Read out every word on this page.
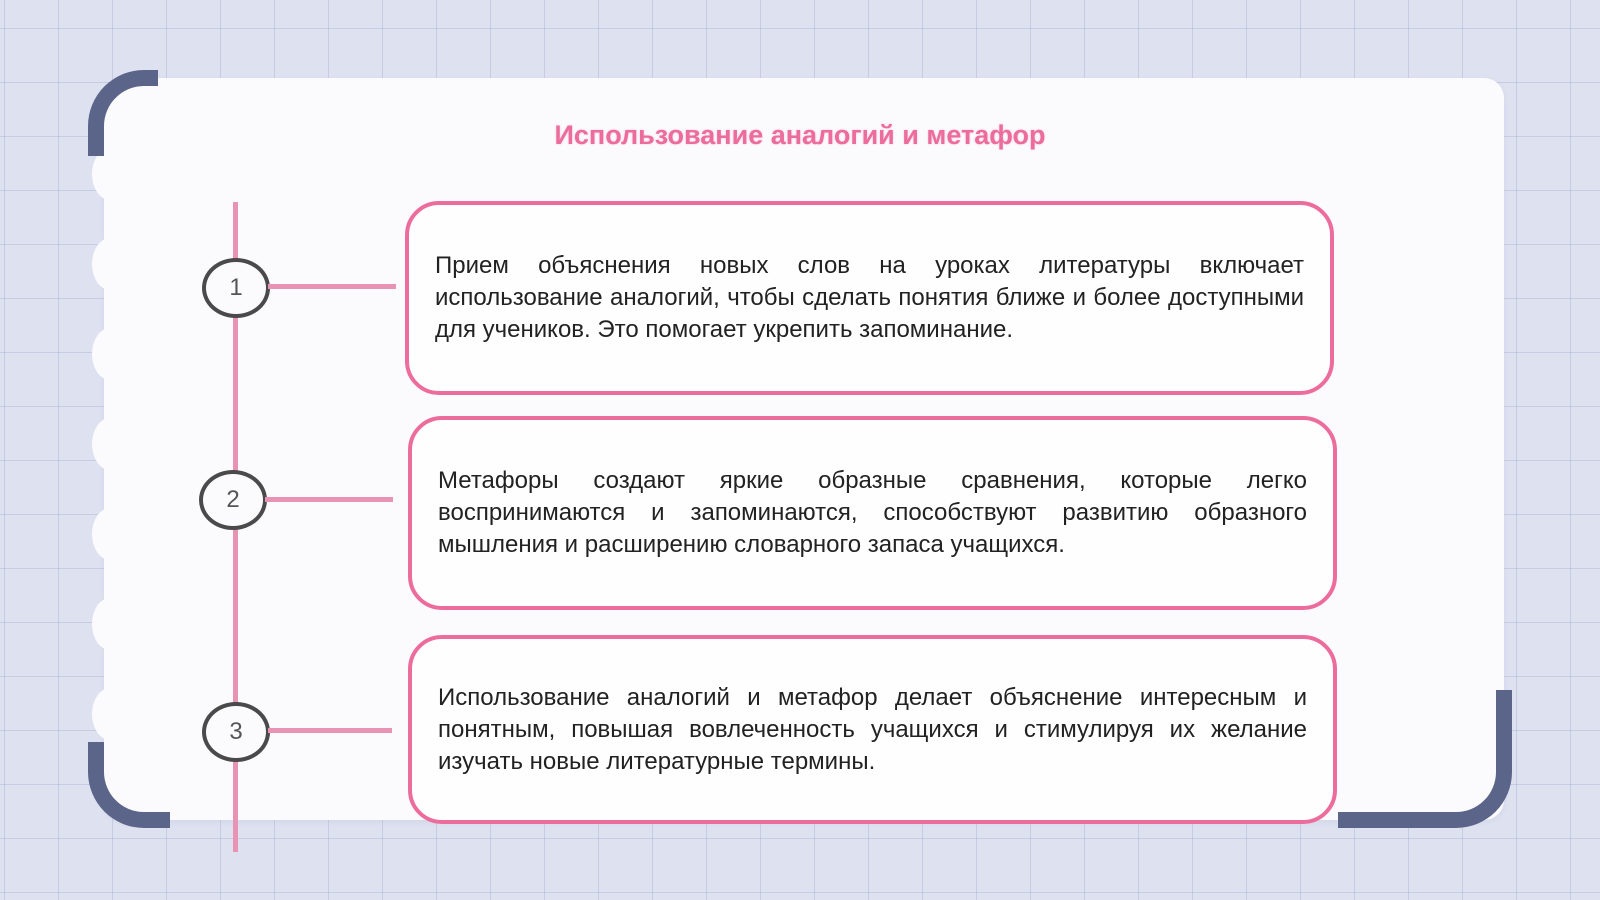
Использование аналогий и метафор
1

Прием объяснения новых слов на уроках литературы включает использование аналогий, чтобы сделать понятия ближе и более доступными для учеников. Это помогает укрепить запоминание.

2

Метафоры создают яркие образные сравнения, которые легко воспринимаются и запоминаются, способствуют развитию образного мышления и расширению словарного запаса учащихся.

3

Использование аналогий и метафор делает объяснение интересным и понятным, повышая вовлеченность учащихся и стимулируя их желание изучать новые литературные термины.
